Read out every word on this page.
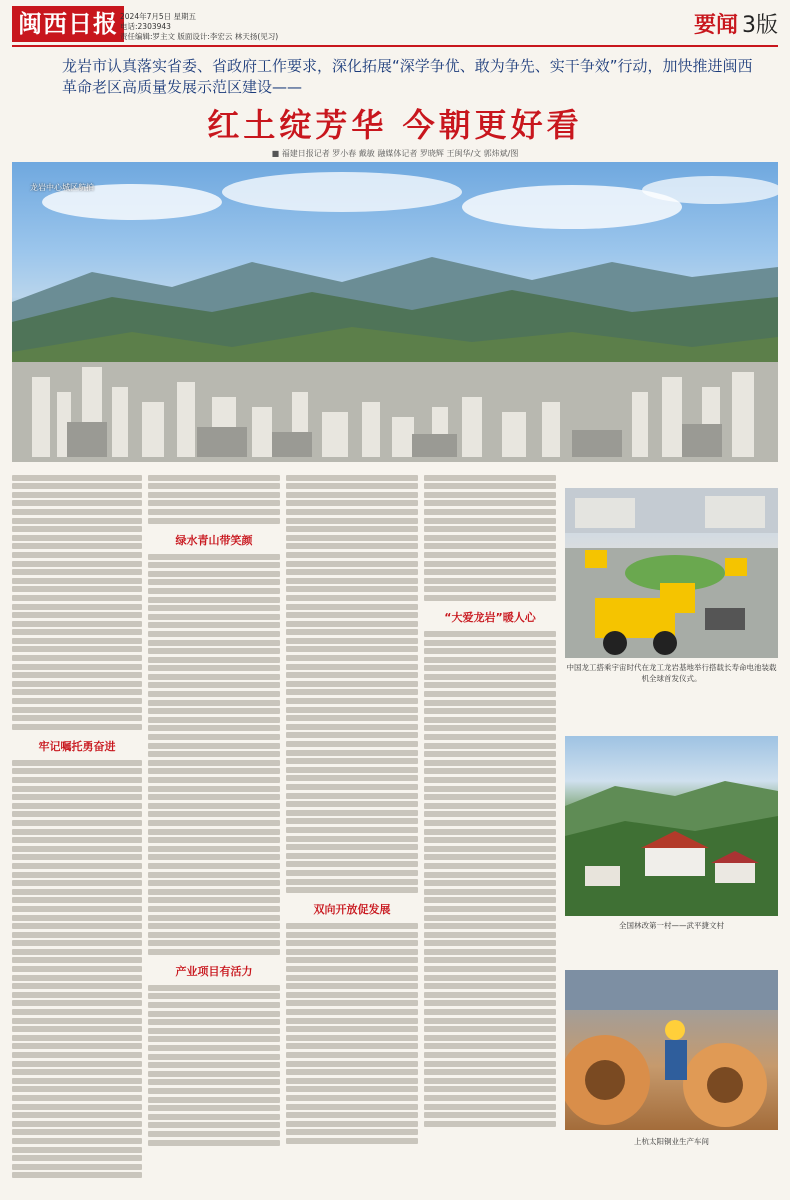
闽西日报 2024年7月5日 星期五
电话:2303943
责任编辑:罗主文 版面设计:李宏云 林天扬(见习)	要闻 3版
龙岩市认真落实省委、省政府工作要求，深化拓展“深学争优、敢为争先、实干争效”行动，加快推进闽西革命老区高质量发展示范区建设——
红土绽芳华 今朝更好看
■ 福建日报记者 罗小春 戴敏 融媒体记者 罗晓辉 王闽华/文 郭炜斌/图
龙岩中心城区航拍
牢记嘱托勇奋进
绿水青山带笑颜
产业项目有活力
双向开放促发展
“大爱龙岩”暖人心
中国龙工搭乘宇宙时代在龙工龙岩基地举行搭载长寿命电池装载机全球首发仪式。
全国林改第一村——武平捷文村
上杭太阳铜业生产车间
